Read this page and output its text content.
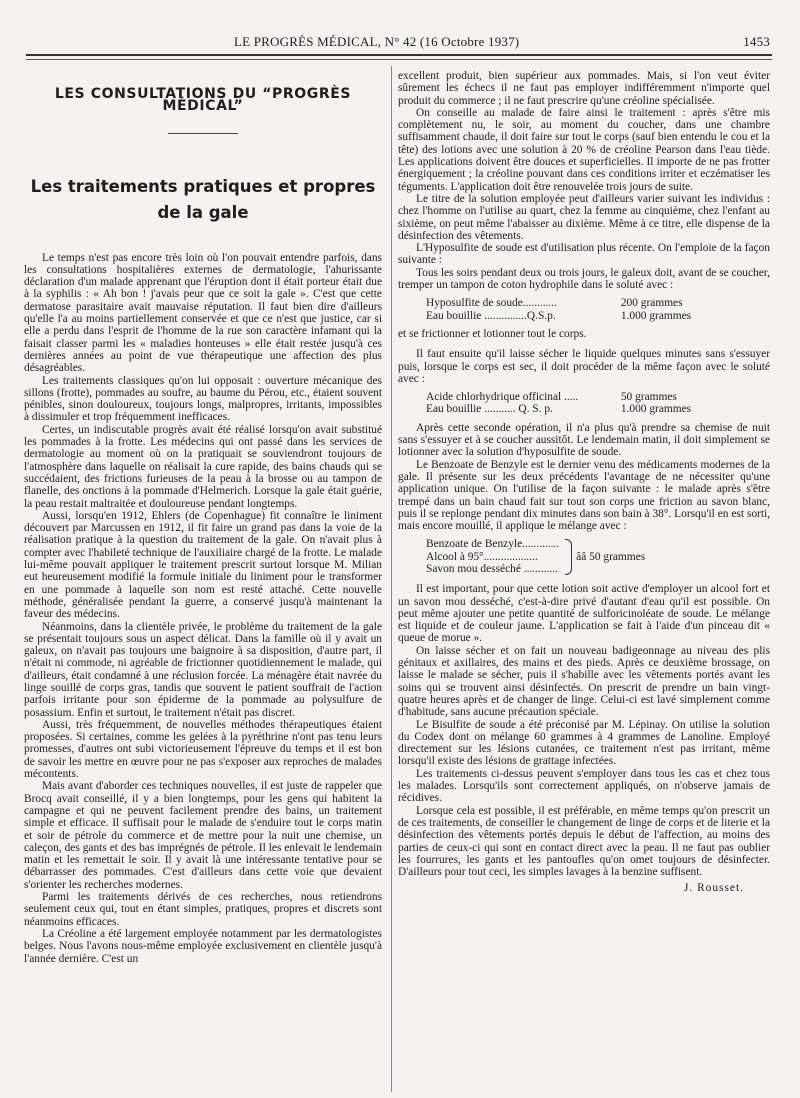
LE PROGRÈS MÉDICAL, N° 42 (16 Octobre 1937)	1453
LES CONSULTATIONS DU “PROGRÈS MÉDICAL”
Les traitements pratiques et propres
de la gale

Le temps n'est pas encore très loin où l'on pouvait entendre parfois, dans les consultations hospitalières externes de dermatologie, l'ahurissante déclaration d'un malade apprenant que l'éruption dont il était porteur était due à la syphilis : « Ah bon ! j'avais peur que ce soit la gale ». C'est que cette dermatose parasitaire avait mauvaise réputation. Il faut bien dire d'ailleurs qu'elle l'a au moins partiellement conservée et que ce n'est que justice, car si elle a perdu dans l'esprit de l'homme de la rue son caractère infamant qui la faisait classer parmi les « maladies honteuses » elle était restée jusqu'à ces dernières années au point de vue thérapeutique une affection des plus désagréables.

Les traitements classiques qu'on lui opposait : ouverture mécanique des sillons (frotte), pommades au soufre, au baume du Pérou, etc., étaient souvent pénibles, sinon douloureux, toujours longs, malpropres, irritants, impossibles à dissimuler et trop fréquemment inefficaces.

Certes, un indiscutable progrès avait été réalisé lorsqu'on avait substitué les pommades à la frotte. Les médecins qui ont passé dans les services de dermatologie au moment où on la pratiquait se souviendront toujours de l'atmosphère dans laquelle on réalisait la cure rapide, des bains chauds qui se succédaient, des frictions furieuses de la peau à la brosse ou au tampon de flanelle, des onctions à la pommade d'Helmerich. Lorsque la gale était guérie, la peau restait maltraitée et douloureuse pendant longtemps.

Aussi, lorsqu'en 1912, Ehlers (de Copenhague) fit connaître le liniment découvert par Marcussen en 1912, il fit faire un grand pas dans la voie de la réalisation pratique à la question du traitement de la gale. On n'avait plus à compter avec l'habileté technique de l'auxiliaire chargé de la frotte. Le malade lui-même pouvait appliquer le traitement prescrit surtout lorsque M. Milian eut heureusement modifié la formule initiale du liniment pour le transformer en une pommade à laquelle son nom est resté attaché. Cette nouvelle méthode, généralisée pendant la guerre, a conservé jusqu'à maintenant la faveur des médecins.

Néanmoins, dans la clientèle privée, le problème du traitement de la gale se présentait toujours sous un aspect délicat. Dans la famille où il y avait un galeux, on n'avait pas toujours une baignoire à sa disposition, d'autre part, il n'était ni commode, ni agréable de frictionner quotidiennement le malade, qui d'ailleurs, était condamné à une réclusion forcée. La ménagère était navrée du linge souillé de corps gras, tandis que souvent le patient souffrait de l'action parfois irritante pour son épiderme de la pommade au polysulfure de posassium. Enfin et surtout, le traitement n'était pas discret.

Aussi, très fréquemment, de nouvelles méthodes thérapeutiques étaient proposées. Si certaines, comme les gelées à la pyréthrine n'ont pas tenu leurs promesses, d'autres ont subi victorieusement l'épreuve du temps et il est bon de savoir les mettre en œuvre pour ne pas s'exposer aux reproches de malades mécontents.

Mais avant d'aborder ces techniques nouvelles, il est juste de rappeler que Brocq avait conseillé, il y a bien longtemps, pour les gens qui habitent la campagne et qui ne peuvent facilement prendre des bains, un traitement simple et efficace. Il suffisait pour le malade de s'enduire tout le corps matin et soir de pétrole du commerce et de mettre pour la nuit une chemise, un caleçon, des gants et des bas imprégnés de pétrole. Il les enlevait le lendemain matin et les remettait le soir. Il y avait là une intéressante tentative pour se débarrasser des pommades. C'est d'ailleurs dans cette voie que devaient s'orienter les recherches modernes.

Parmi les traitements dérivés de ces recherches, nous retiendrons seulement ceux qui, tout en étant simples, pratiques, propres et discrets sont néanmoins efficaces.

La Créoline a été largement employée notamment par les dermatologistes belges. Nous l'avons nous-même employée exclusivement en clientèle jusqu'à l'année dernière. C'est un

excellent produit, bien supérieur aux pommades. Mais, si l'on veut éviter sûrement les échecs il ne faut pas employer indifféremment n'importe quel produit du commerce ; il ne faut prescrire qu'une créoline spécialisée.

On conseille au malade de faire ainsi le traitement : après s'être mis complètement nu, le soir, au moment du coucher, dans une chambre suffisamment chaude, il doit faire sur tout le corps (sauf bien entendu le cou et la tête) des lotions avec une solution à 20 % de créoline Pearson dans l'eau tiède. Les applications doivent être douces et superficielles. Il importe de ne pas frotter énergiquement ; la créoline pouvant dans ces conditions irriter et eczématiser les téguments. L'application doit être renouvelée trois jours de suite.

Le titre de la solution employée peut d'ailleurs varier suivant les individus : chez l'homme on l'utilise au quart, chez la femme au cinquième, chez l'enfant au sixième, on peut même l'abaisser au dixième. Même à ce titre, elle dispense de la désinfection des vêtements.

L'Hyposulfite de soude est d'utilisation plus récente. On l'emploie de la façon suivante :

Tous les soirs pendant deux ou trois jours, le galeux doit, avant de se coucher, tremper un tampon de coton hydrophile dans le soluté avec :

Hyposulfite de soude............	200 grammes
Eau bouillie ...............Q.S.p.	1.000 grammes

et se frictionner et lotionner tout le corps.

Il faut ensuite qu'il laisse sécher le liquide quelques minutes sans s'essuyer puis, lorsque le corps est sec, il doit procéder de la même façon avec le soluté avec :

Acide chlorhydrique officinal .....	50 grammes
Eau bouillie ........... Q. S. p.	1.000 grammes

Après cette seconde opération, il n'a plus qu'à prendre sa chemise de nuit sans s'essuyer et à se coucher aussitôt. Le lendemain matin, il doit simplement se lotionner avec la solution d'hyposulfite de soude.

Le Benzoate de Benzyle est le dernier venu des médicaments modernes de la gale. Il présente sur les deux précédents l'avantage de ne nécessiter qu'une application unique. On l'utilise de la façon suivante : le malade après s'être trempé dans un bain chaud fait sur tout son corps une friction au savon blanc, puis il se replonge pendant dix minutes dans son bain à 38°. Lorsqu'il en est sorti, mais encore mouillé, il applique le mélange avec :

Benzoate de Benzyle.............
Alcool à 95°...................
Savon mou desséché ............
ââ 50 grammes

Il est important, pour que cette lotion soit active d'employer un alcool fort et un savon mou desséché, c'est-à-dire privé d'autant d'eau qu'il est possible. On peut même ajouter une petite quantité de sulforicinoléate de soude. Le mélange est liquide et de couleur jaune. L'application se fait à l'aide d'un pinceau dit « queue de morue ».

On laisse sécher et on fait un nouveau badigeonnage au niveau des plis génitaux et axillaires, des mains et des pieds. Après ce deuxième brossage, on laisse le malade se sécher, puis il s'habille avec les vêtements portés avant les soins qui se trouvent ainsi désinfectés. On prescrit de prendre un bain vingt-quatre heures après et de changer de linge. Celui-ci est lavé simplement comme d'habitude, sans aucune précaution spéciale.

Le Bisulfite de soude a été préconisé par M. Lépinay. On utilise la solution du Codex dont on mélange 60 grammes à 4 grammes de Lanoline. Employé directement sur les lésions cutanées, ce traitement n'est pas irritant, même lorsqu'il existe des lésions de grattage infectées.

Les traitements ci-dessus peuvent s'employer dans tous les cas et chez tous les malades. Lorsqu'ils sont correctement appliqués, on n'observe jamais de récidives.

Lorsque cela est possible, il est préférable, en même temps qu'on prescrit un de ces traitements, de conseiller le changement de linge de corps et de literie et la désinfection des vêtements portés depuis le début de l'affection, au moins des parties de ceux-ci qui sont en contact direct avec la peau. Il ne faut pas oublier les fourrures, les gants et les pantoufles qu'on omet toujours de désinfecter. D'ailleurs pour tout ceci, les simples lavages à la benzine suffisent.

J. Rousset.
